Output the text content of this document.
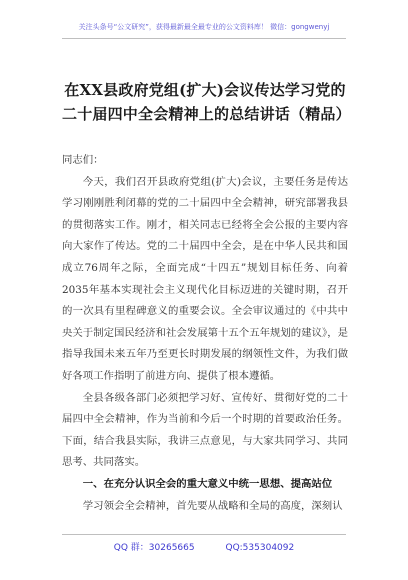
关注头条号“公文研究”，获得最新最全最专业的公文资料库！ 微信：gongwenyj
在XX县政府党组(扩大)会议传达学习党的二十届四中全会精神上的总结讲话（精品）

同志们：

今天，我们召开县政府党组(扩大)会议，主要任务是传达学习刚刚胜利闭幕的党的二十届四中全会精神，研究部署我县的贯彻落实工作。刚才，相关同志已经将全会公报的主要内容向大家作了传达。党的二十届四中全会，是在中华人民共和国成立76周年之际，全面完成“十四五”规划目标任务、向着2035年基本实现社会主义现代化目标迈进的关键时期，召开的一次具有里程碑意义的重要会议。全会审议通过的《中共中央关于制定国民经济和社会发展第十五个五年规划的建议》，是指导我国未来五年乃至更长时期发展的纲领性文件，为我们做好各项工作指明了前进方向、提供了根本遵循。

全县各级各部门必须把学习好、宣传好、贯彻好党的二十届四中全会精神，作为当前和今后一个时期的首要政治任务。下面，结合我县实际，我讲三点意见，与大家共同学习、共同思考、共同落实。

一、在充分认识全会的重大意义中统一思想、提高站位

学习领会全会精神，首先要从战略和全局的高度，深刻认

QQ 群：30265665	QQ:535304092
